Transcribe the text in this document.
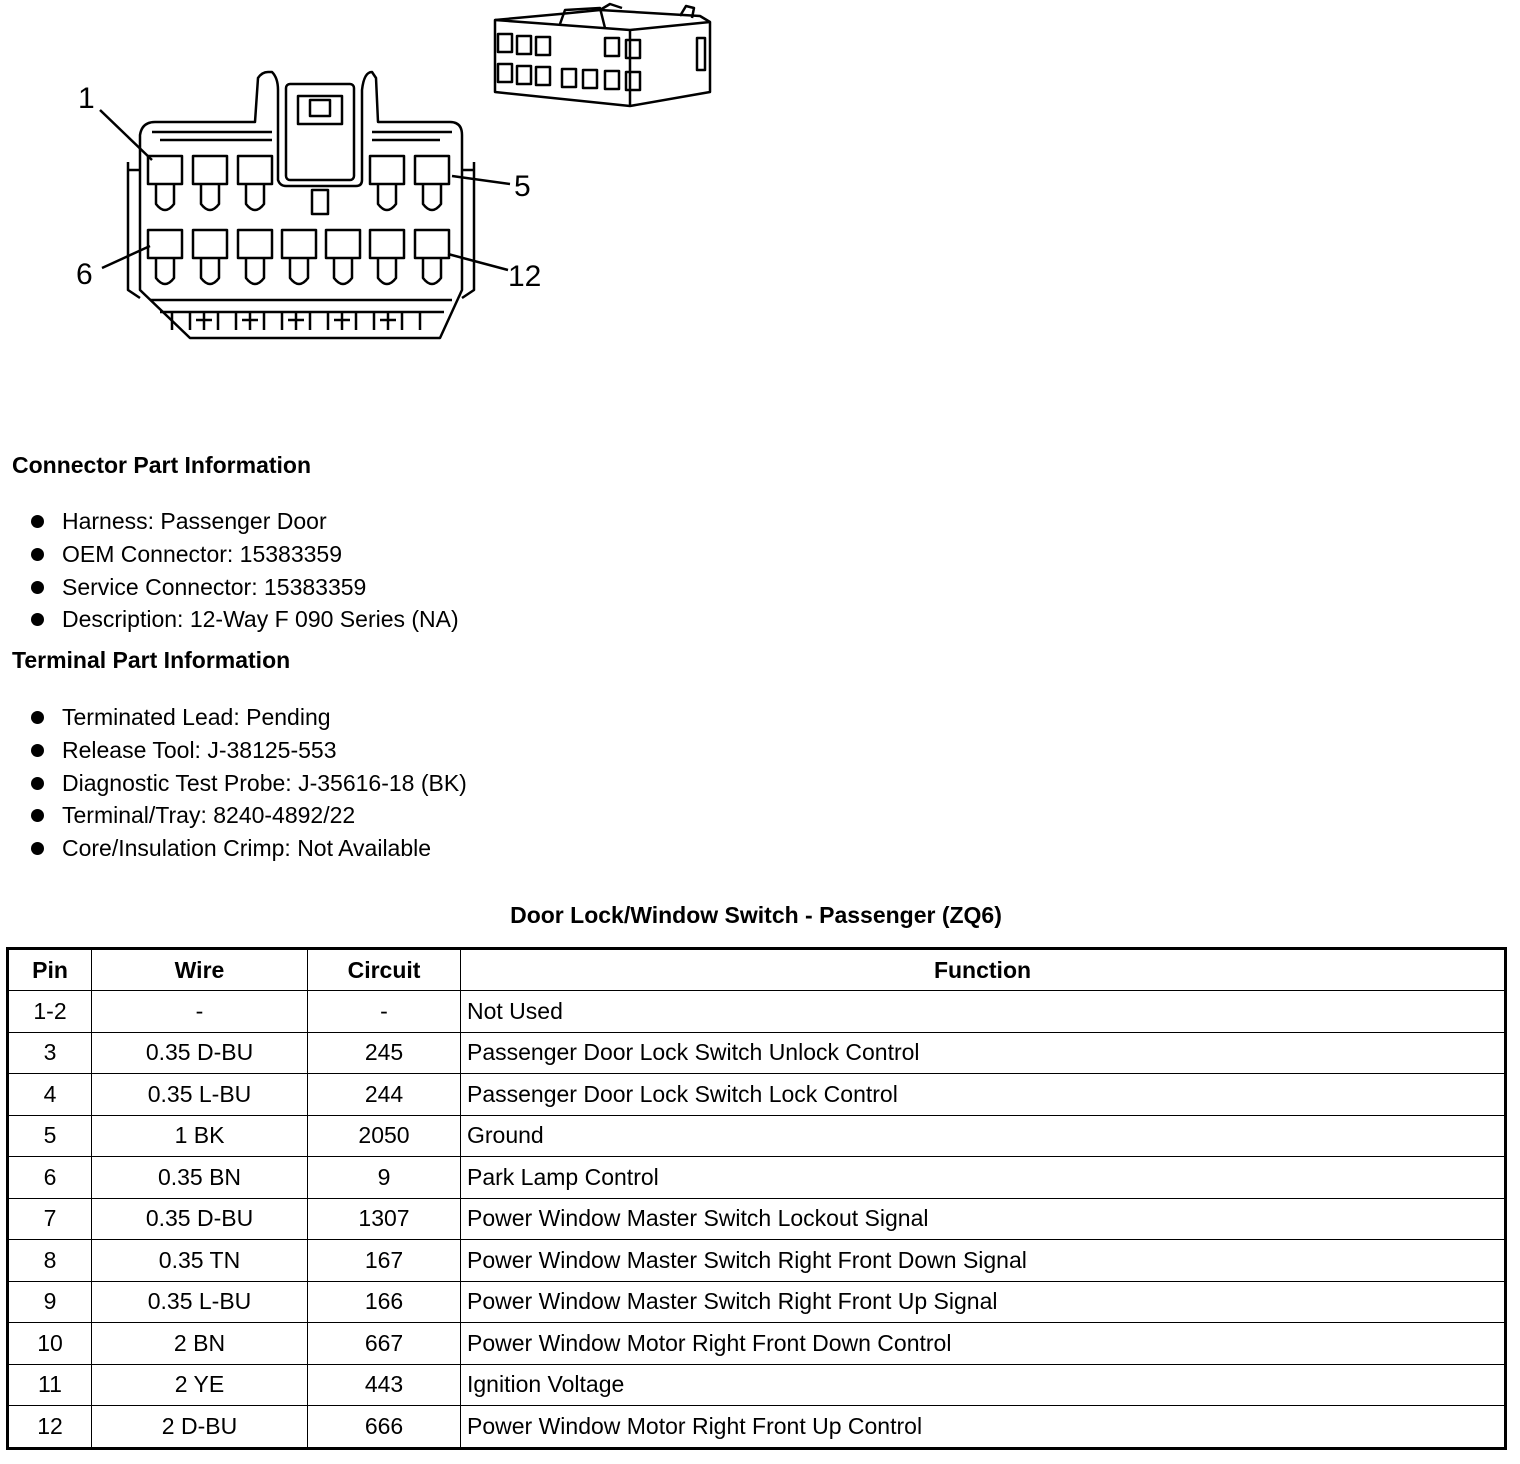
1
5
6	12
Connector Part Information
Harness: Passenger Door
OEM Connector: 15383359
Service Connector: 15383359
Description: 12-Way F 090 Series (NA)
Terminal Part Information
Terminated Lead: Pending
Release Tool: J-38125-553
Diagnostic Test Probe: J-35616-18 (BK)
Terminal/Tray: 8240-4892/22
Core/Insulation Crimp: Not Available
Door Lock/Window Switch - Passenger (ZQ6)
Pin	Wire	Circuit	Function
1-2	-	-	Not Used
3	0.35 D-BU	245	Passenger Door Lock Switch Unlock Control
4	0.35 L-BU	244	Passenger Door Lock Switch Lock Control
5	1 BK	2050	Ground
6	0.35 BN	9	Park Lamp Control
7	0.35 D-BU	1307	Power Window Master Switch Lockout Signal
8	0.35 TN	167	Power Window Master Switch Right Front Down Signal
9	0.35 L-BU	166	Power Window Master Switch Right Front Up Signal
10	2 BN	667	Power Window Motor Right Front Down Control
11	2 YE	443	Ignition Voltage
12	2 D-BU	666	Power Window Motor Right Front Up Control
